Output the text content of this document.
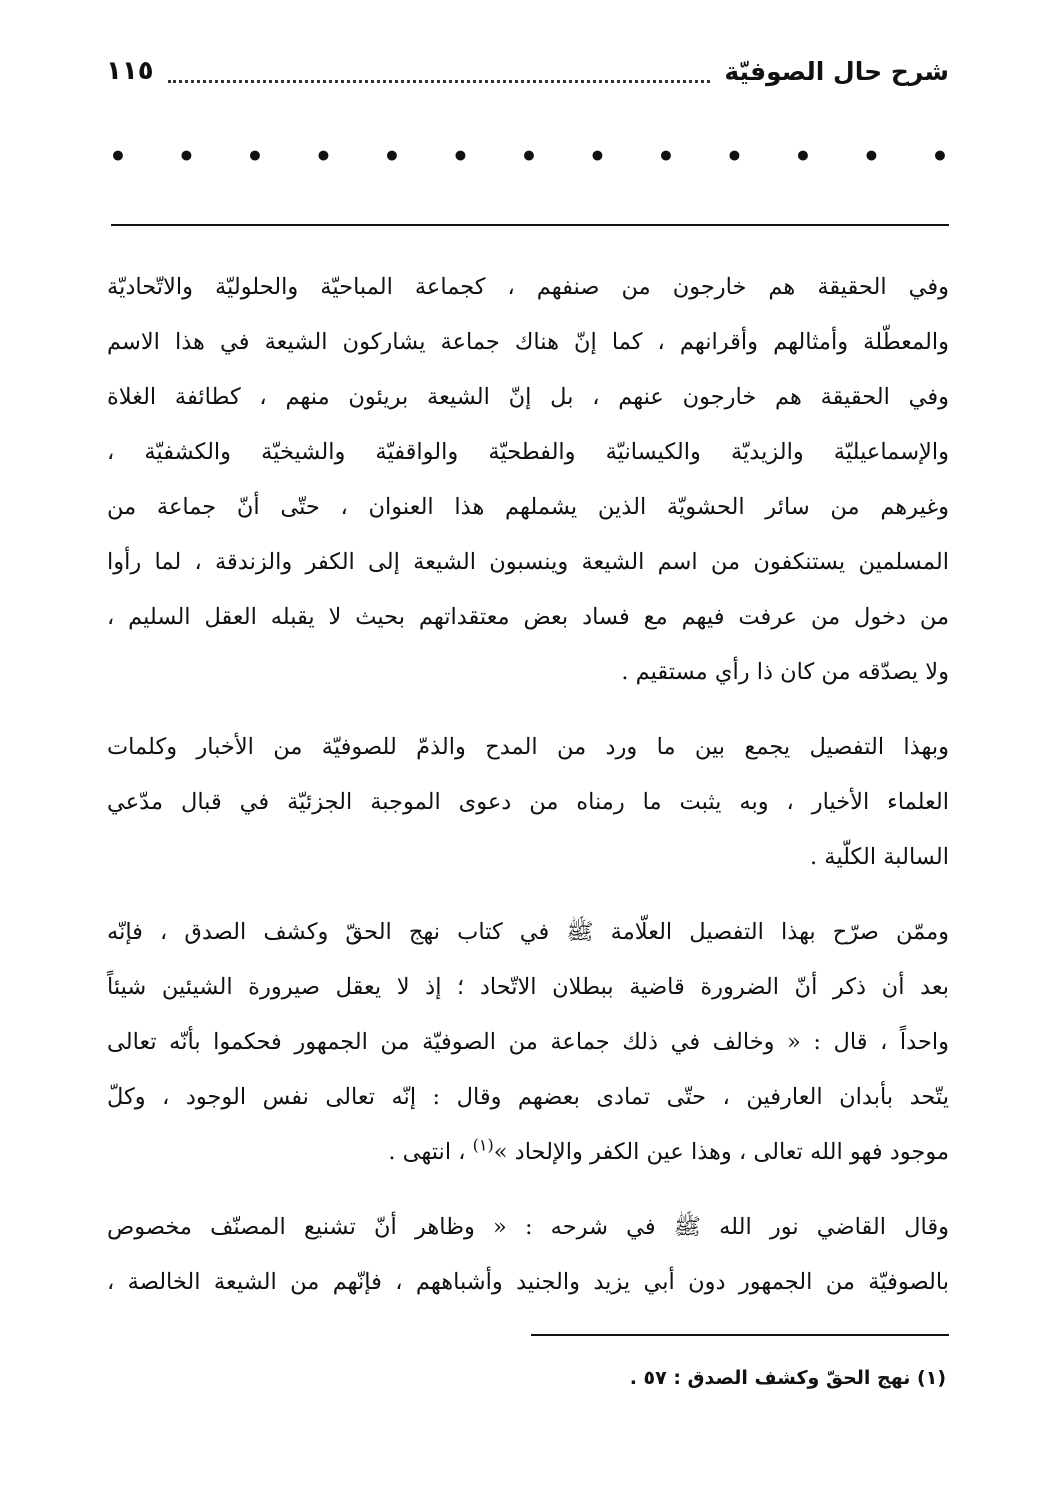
شرح حال الصوفيّة
١١٥
• • • • • • • • • • • • •

وفي الحقيقة هم خارجون من صنفهم ، كجماعة المباحيّة والحلوليّة والاتّحاديّة
والمعطّلة وأمثالهم وأقرانهم ، كما إنّ هناك جماعة يشاركون الشيعة في هذا الاسم
وفي الحقيقة هم خارجون عنهم ، بل إنّ الشيعة بريئون منهم ، كطائفة الغلاة
والإسماعيليّة والزيديّة والكيسانيّة والفطحيّة والواقفيّة والشيخيّة والكشفيّة ،
وغيرهم من سائر الحشويّة الذين يشملهم هذا العنوان ، حتّى أنّ جماعة من
المسلمين يستنكفون من اسم الشيعة وينسبون الشيعة إلى الكفر والزندقة ، لما رأوا
من دخول من عرفت فيهم مع فساد بعض معتقداتهم بحيث لا يقبله العقل السليم ،
ولا يصدّقه من كان ذا رأي مستقيم .

وبهذا التفصيل يجمع بين ما ورد من المدح والذمّ للصوفيّة من الأخبار وكلمات
العلماء الأخيار ، وبه يثبت ما رمناه من دعوى الموجبة الجزئيّة في قبال مدّعي
السالبة الكلّية .

وممّن صرّح بهذا التفصيل العلّامة ﷺ في كتاب نهج الحقّ وكشف الصدق ، فإنّه
بعد أن ذكر أنّ الضرورة قاضية ببطلان الاتّحاد ؛ إذ لا يعقل صيرورة الشيئين شيئاً
واحداً ، قال : « وخالف في ذلك جماعة من الصوفيّة من الجمهور فحكموا بأنّه تعالى
يتّحد بأبدان العارفين ، حتّى تمادى بعضهم وقال : إنّه تعالى نفس الوجود ، وكلّ
موجود فهو الله تعالى ، وهذا عين الكفر والإلحاد »$^{(١)}$ ، انتهى .

وقال القاضي نور الله ﷺ في شرحه : « وظاهر أنّ تشنيع المصنّف مخصوص
بالصوفيّة من الجمهور دون أبي يزيد والجنيد وأشباههم ، فإنّهم من الشيعة الخالصة ،

(١) نهج الحقّ وكشف الصدق : ٥٧ .
